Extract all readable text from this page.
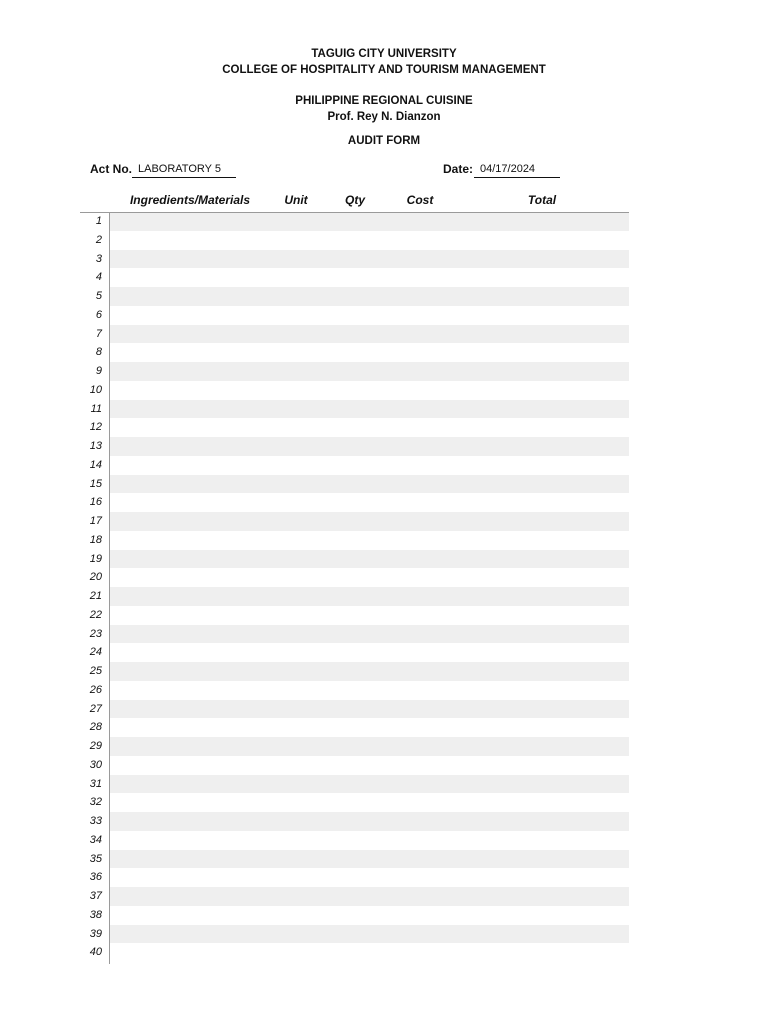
TAGUIG CITY UNIVERSITY
COLLEGE OF HOSPITALITY AND TOURISM MANAGEMENT
PHILIPPINE REGIONAL CUISINE
Prof. Rey N. Dianzon
AUDIT FORM
Act No. LABORATORY 5	Date: 04/17/2024
Ingredients/Materials	Unit	Qty	Cost	Total
1
2
3
4
5
6
7
8
9
10
11
12
13
14
15
16
17
18
19
20
21
22
23
24
25
26
27
28
29
30
31
32
33
34
35
36
37
38
39
40
